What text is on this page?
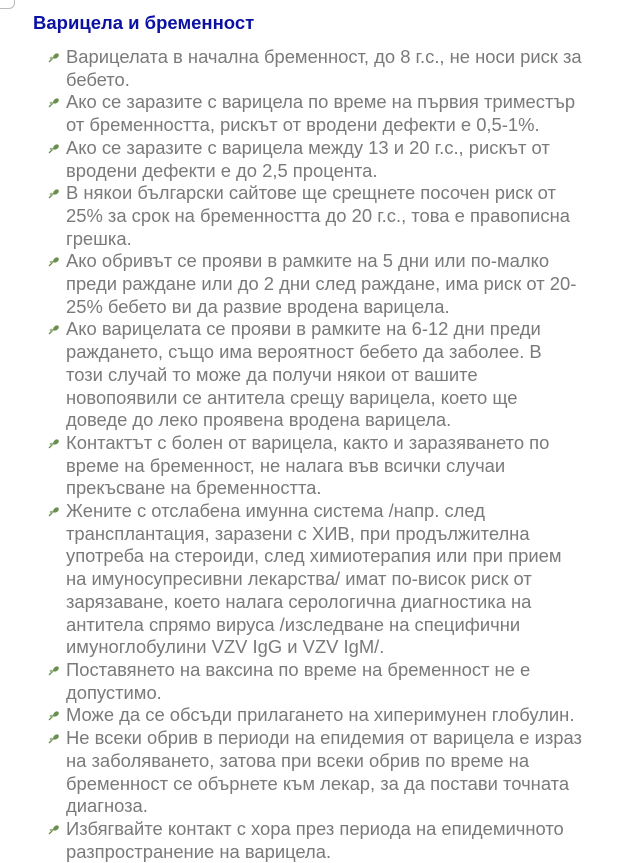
Варицела и бременност
Варицелата в начална бременност, до 8 г.с., не носи риск за
бебето.
Ако се заразите с варицела по време на първия триместър
от бременността, рискът от вродени дефекти е 0,5-1%.
Ако се заразите с варицела между 13 и 20 г.с., рискът от
вродени дефекти е до 2,5 процента.
В някои български сайтове ще срещнете посочен риск от
25% за срок на бременността до 20 г.с., това е правописна
грешка.
Ако обривът се прояви в рамките на 5 дни или по-малко
преди раждане или до 2 дни след раждане, има риск от 20-
25% бебето ви да развие вродена варицела.
Ако варицелата се прояви в рамките на 6-12 дни преди
раждането, също има вероятност бебето да заболее. В
този случай то може да получи някои от вашите
новопоявили се антитела срещу варицела, което ще
доведе до леко проявена вродена варицела.
Контактът с болен от варицела, както и заразяването по
време на бременност, не налага във всички случаи
прекъсване на бременността.
Жените с отслабена имунна система /напр. след
трансплантация, заразени с ХИВ, при продължителна
употреба на стероиди, след химиотерапия или при прием
на имуносупресивни лекарства/ имат по-висок риск от
зарязаване, което налага серологична диагностика на
антитела спрямо вируса /изследване на специфични
имуноглобулини VZV IgG и VZV IgM/.
Поставянето на ваксина по време на бременност не е
допустимо.
Може да се обсъди прилагането на хиперимунен глобулин.
Не всеки обрив в периоди на епидемия от варицела е израз
на заболяването, затова при всеки обрив по време на
бременност се обърнете към лекар, за да постави точната
диагноза.
Избягвайте контакт с хора през периода на епидемичното
разпространение на варицела.
